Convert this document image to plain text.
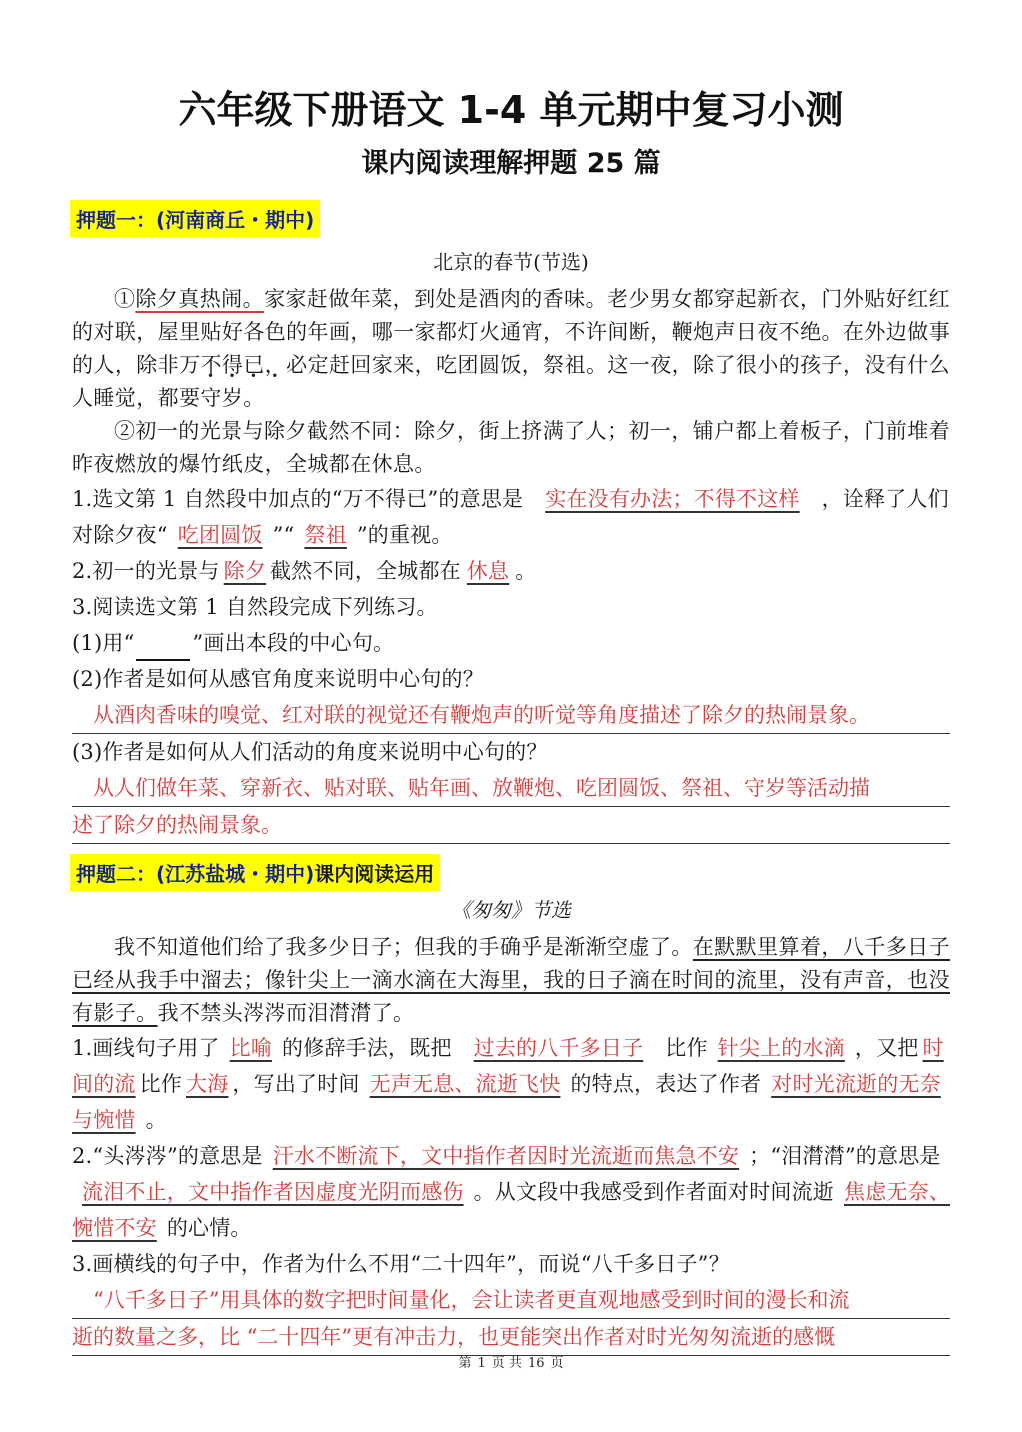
六年级下册语文 1-4 单元期中复习小测
课内阅读理解押题 25 篇
押题一：(河南商丘・期中)
北京的春节(节选)

①除夕真热闹。家家赶做年菜，到处是酒肉的香味。老少男女都穿起新衣，门外贴好红红的对联，屋里贴好各色的年画，哪一家都灯火通宵，不许间断，鞭炮声日夜不绝。在外边做事的人，除非万不得已，必定赶回家来，吃团圆饭，祭祖。这一夜，除了很小的孩子，没有什么人睡觉，都要守岁。

②初一的光景与除夕截然不同：除夕，街上挤满了人；初一，铺户都上着板子，门前堆着昨夜燃放的爆竹纸皮，全城都在休息。

1.选文第 1 自然段中加点的“万不得已”的意思是 实在没有办法；不得不这样 ，诠释了人们对除夕夜“ 吃团圆饭 ”“ 祭祖 ”的重视。

2.初一的光景与 除夕 截然不同，全城都在 休息 。

3.阅读选文第 1 自然段完成下列练习。

(1)用“	”画出本段的中心句。

(2)作者是如何从感官角度来说明中心句的？

从酒肉香味的嗅觉、红对联的视觉还有鞭炮声的听觉等角度描述了除夕的热闹景象。

(3)作者是如何从人们活动的角度来说明中心句的？

从人们做年菜、穿新衣、贴对联、贴年画、放鞭炮、吃团圆饭、祭祖、守岁等活动描
述了除夕的热闹景象。

押题二：(江苏盐城・期中)课内阅读运用
《匆匆》节选

我不知道他们给了我多少日子；但我的手确乎是渐渐空虚了。在默默里算着，八千多日子已经从我手中溜去；像针尖上一滴水滴在大海里，我的日子滴在时间的流里，没有声音，也没有影子。我不禁头涔涔而泪潸潸了。

1.画线句子用了 比喻 的修辞手法，既把 过去的八千多日子 比作 针尖上的水滴 ，又把 时间的流 比作 大海 ，写出了时间 无声无息、流逝飞快 的特点，表达了作者 对时光流逝的无奈与惋惜 。

2.“头涔涔”的意思是 汗水不断流下，文中指作者因时光流逝而焦急不安 ；“泪潸潸”的意思是流泪不止，文中指作者因虚度光阴而感伤 。从文段中我感受到作者面对时间流逝 焦虑无奈、惋惜不安 的心情。

3.画横线的句子中，作者为什么不用“二十四年”，而说“八千多日子”？

“八千多日子”用具体的数字把时间量化，会让读者更直观地感受到时间的漫长和流
逝的数量之多，比 “二十四年”更有冲击力，也更能突出作者对时光匆匆流逝的感慨

第 1 页 共 16 页
